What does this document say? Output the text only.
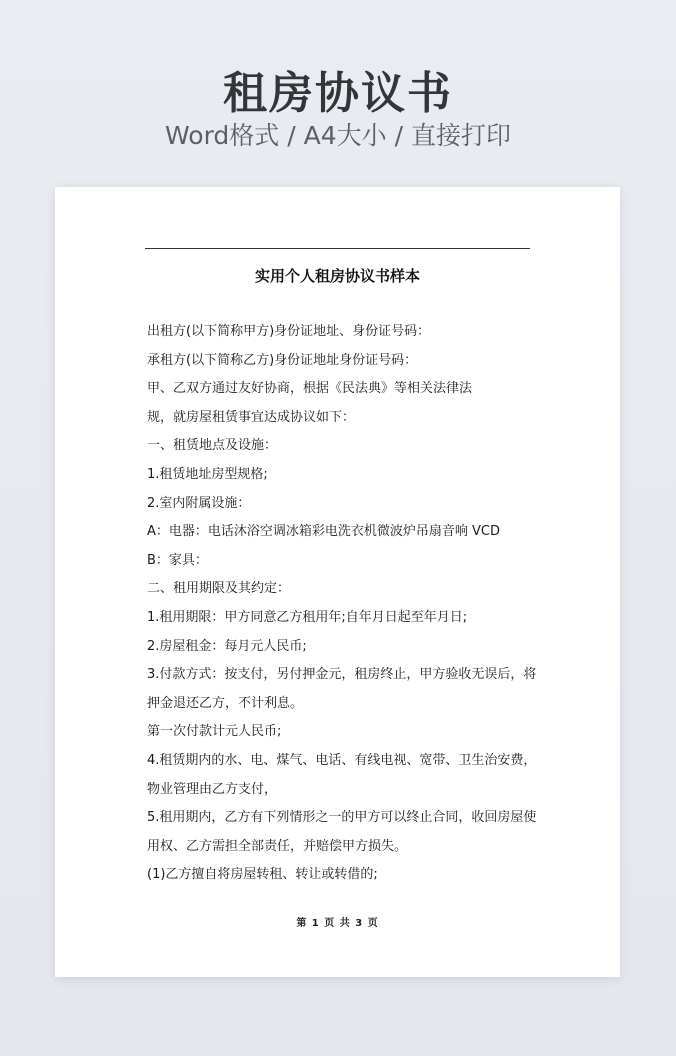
租房协议书
Word格式 / A4大小 / 直接打印
实用个人租房协议书样本
出租方(以下简称甲方)身份证地址、身份证号码：
承租方(以下简称乙方)身份证地址身份证号码：
甲、乙双方通过友好协商，根据《民法典》等相关法律法
规，就房屋租赁事宜达成协议如下：
一、租赁地点及设施：
1.租赁地址房型规格;
2.室内附属设施：
A：电器：电话沐浴空调冰箱彩电洗衣机微波炉吊扇音响 VCD
B：家具：
二、租用期限及其约定：
1.租用期限：甲方同意乙方租用年;自年月日起至年月日;
2.房屋租金：每月元人民币;
3.付款方式：按支付，另付押金元，租房终止，甲方验收无误后，将
押金退还乙方，不计利息。
第一次付款计元人民币;
4.租赁期内的水、电、煤气、电话、有线电视、宽带、卫生治安费，
物业管理由乙方支付，
5.租用期内，乙方有下列情形之一的甲方可以终止合同，收回房屋使
用权、乙方需担全部责任，并赔偿甲方损失。
(1)乙方擅自将房屋转租、转让或转借的;
第 1 页 共 3 页
